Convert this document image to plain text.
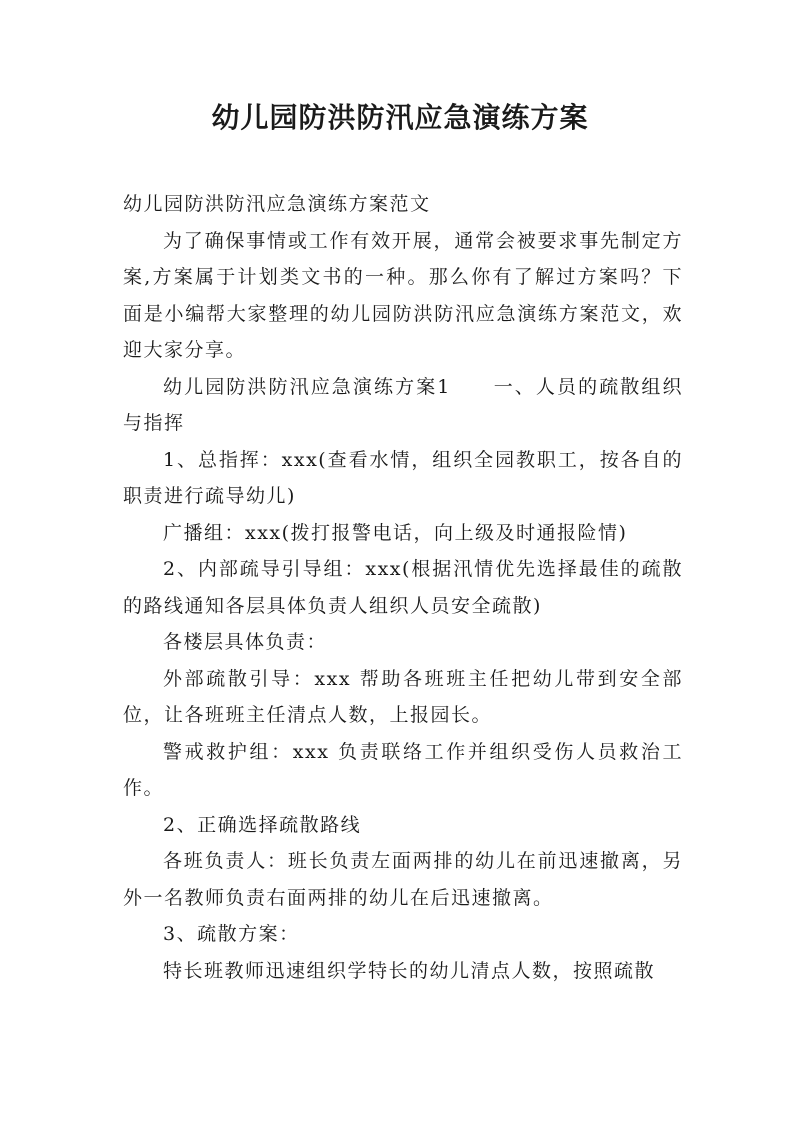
幼儿园防洪防汛应急演练方案

幼儿园防洪防汛应急演练方案范文

为了确保事情或工作有效开展，通常会被要求事先制定方案,方案属于计划类文书的一种。那么你有了解过方案吗？下面是小编帮大家整理的幼儿园防洪防汛应急演练方案范文，欢迎大家分享。

幼儿园防洪防汛应急演练方案1　　一、人员的疏散组织与指挥

1、总指挥：xxx(查看水情，组织全园教职工，按各自的职责进行疏导幼儿)

广播组：xxx(拨打报警电话，向上级及时通报险情)

2、内部疏导引导组：xxx(根据汛情优先选择最佳的疏散的路线通知各层具体负责人组织人员安全疏散)

各楼层具体负责：

外部疏散引导：xxx 帮助各班班主任把幼儿带到安全部位，让各班班主任清点人数，上报园长。

警戒救护组：xxx 负责联络工作并组织受伤人员救治工作。

2、正确选择疏散路线

各班负责人：班长负责左面两排的幼儿在前迅速撤离，另外一名教师负责右面两排的幼儿在后迅速撤离。

3、疏散方案：

特长班教师迅速组织学特长的幼儿清点人数，按照疏散
